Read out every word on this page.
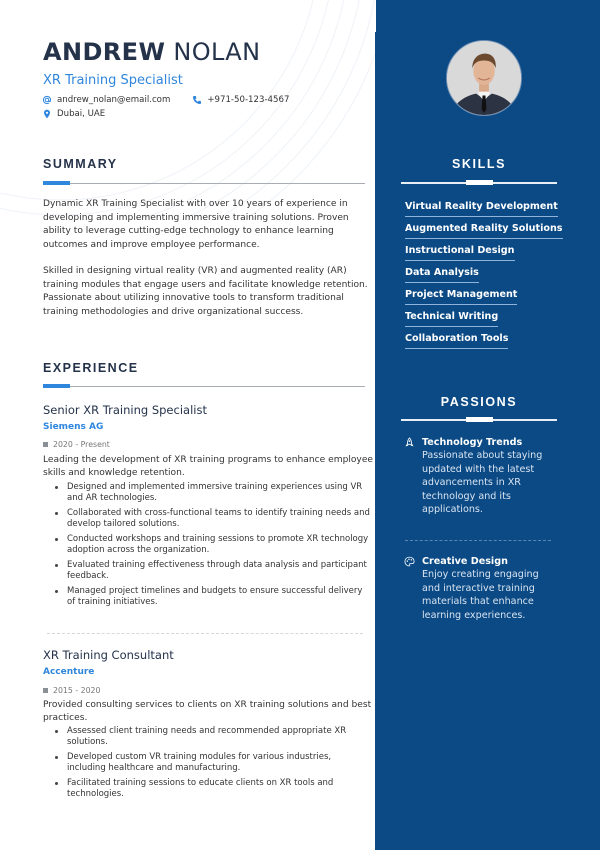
SKILLS
Virtual Reality Development
Augmented Reality Solutions
Instructional Design
Data Analysis
Project Management
Technical Writing
Collaboration Tools
PASSIONS
Technology Trends
Passionate about staying updated with the latest advancements in XR technology and its applications.
Creative Design
Enjoy creating engaging and interactive training materials that enhance learning experiences.
ANDREW NOLAN
XR Training Specialist
andrew_nolan@email.com	+971-50-123-4567
Dubai, UAE
SUMMARY
Dynamic XR Training Specialist with over 10 years of experience in developing and implementing immersive training solutions. Proven ability to leverage cutting-edge technology to enhance learning outcomes and improve employee performance.
Skilled in designing virtual reality (VR) and augmented reality (AR) training modules that engage users and facilitate knowledge retention. Passionate about utilizing innovative tools to transform traditional training methodologies and drive organizational success.
EXPERIENCE
Senior XR Training Specialist
Siemens AG
2020 - Present
Leading the development of XR training programs to enhance employee skills and knowledge retention.
Designed and implemented immersive training experiences using VR and AR technologies.
Collaborated with cross-functional teams to identify training needs and develop tailored solutions.
Conducted workshops and training sessions to promote XR technology adoption across the organization.
Evaluated training effectiveness through data analysis and participant feedback.
Managed project timelines and budgets to ensure successful delivery of training initiatives.
XR Training Consultant
Accenture
2015 - 2020
Provided consulting services to clients on XR training solutions and best practices.
Assessed client training needs and recommended appropriate XR solutions.
Developed custom VR training modules for various industries, including healthcare and manufacturing.
Facilitated training sessions to educate clients on XR tools and technologies.
